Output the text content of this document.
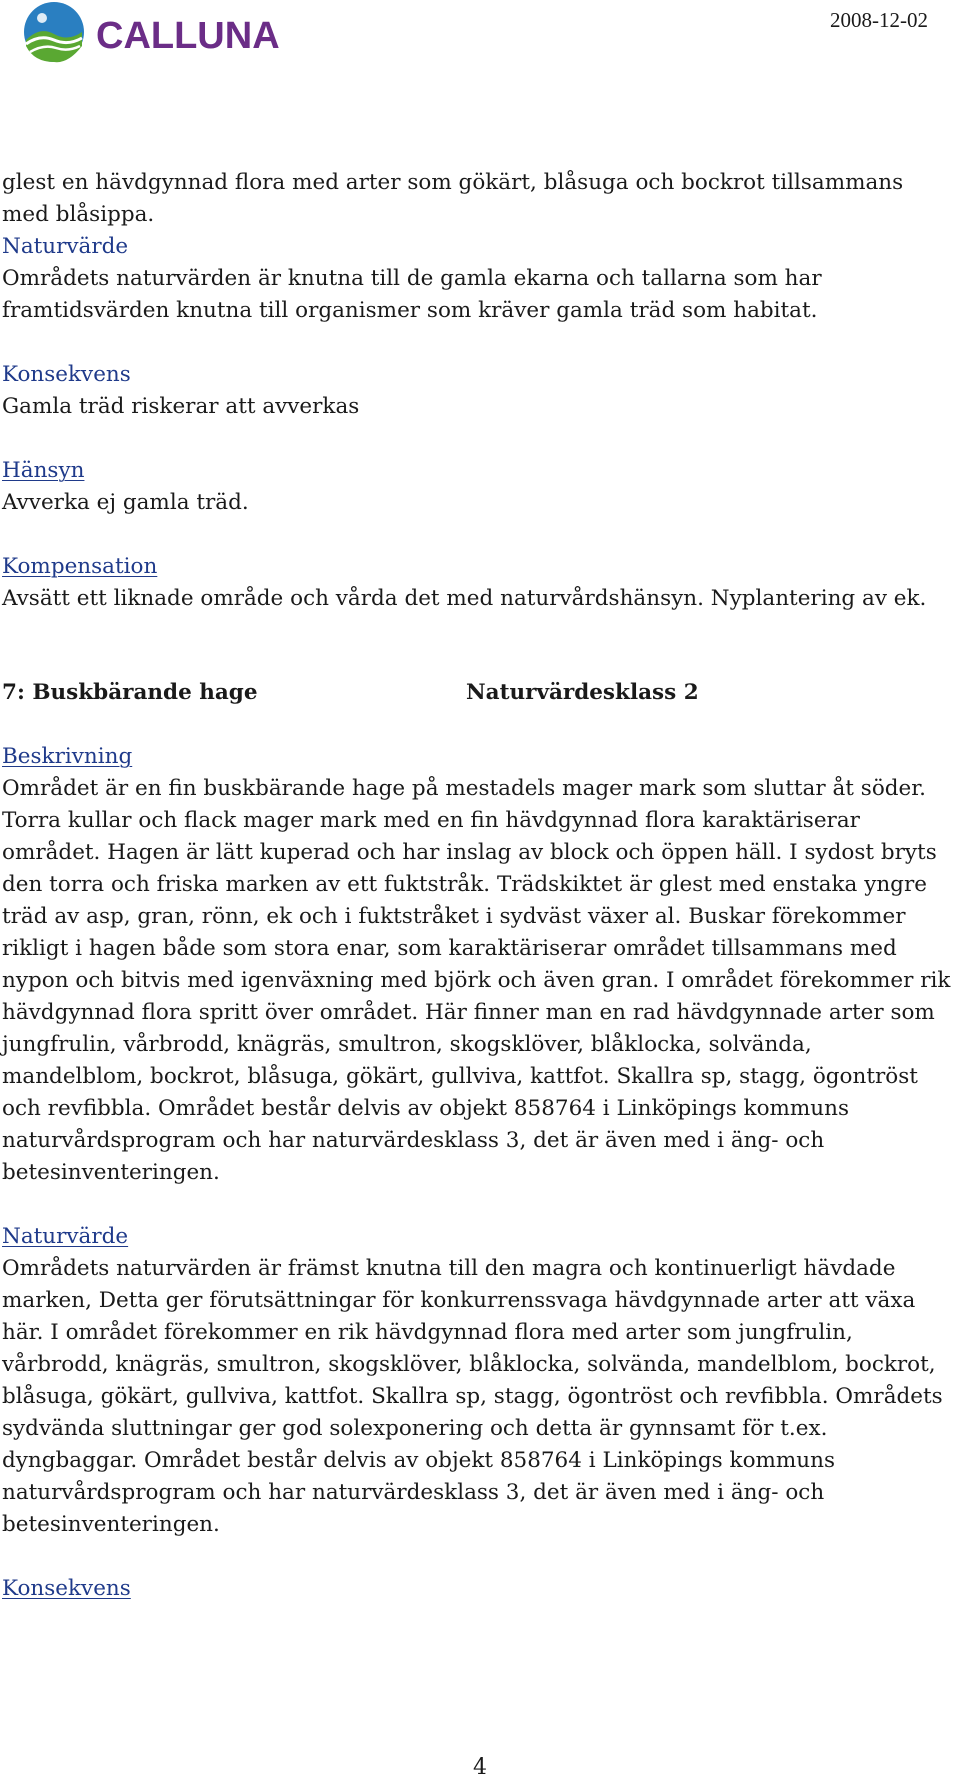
CALLUNA	2008-12-02

glest en hävdgynnad flora med arter som gökärt, blåsuga och bockrot tillsammans med blåsippa.

Naturvärde

Områdets naturvärden är knutna till de gamla ekarna och tallarna som har framtidsvärden knutna till organismer som kräver gamla träd som habitat.

Konsekvens

Gamla träd riskerar att avverkas

Hänsyn

Avverka ej gamla träd.

Kompensation

Avsätt ett liknade område och vårda det med naturvårdshänsyn. Nyplantering av ek.

7: Buskbärande hage	Naturvärdesklass 2

Beskrivning

Området är en fin buskbärande hage på mestadels mager mark som sluttar åt söder. Torra kullar och flack mager mark med en fin hävdgynnad flora karaktäriserar området. Hagen är lätt kuperad och har inslag av block och öppen häll. I sydost bryts den torra och friska marken av ett fuktstråk. Trädskiktet är glest med enstaka yngre träd av asp, gran, rönn, ek och i fuktstråket i sydväst växer al. Buskar förekommer rikligt i hagen både som stora enar, som karaktäriserar området tillsammans med nypon och bitvis med igenväxning med björk och även gran. I området förekommer rik hävdgynnad flora spritt över området. Här finner man en rad hävdgynnade arter som jungfrulin, vårbrodd, knägräs, smultron, skogsklöver, blåklocka, solvända, mandelblom, bockrot, blåsuga, gökärt, gullviva, kattfot. Skallra sp, stagg, ögontröst och revfibbla. Området består delvis av objekt 858764 i Linköpings kommuns naturvårdsprogram och har naturvärdesklass 3, det är även med i äng- och betesinventeringen.

Naturvärde

Områdets naturvärden är främst knutna till den magra och kontinuerligt hävdade marken, Detta ger förutsättningar för konkurrenssvaga hävdgynnade arter att växa här. I området förekommer en rik hävdgynnad flora med arter som jungfrulin, vårbrodd, knägräs, smultron, skogsklöver, blåklocka, solvända, mandelblom, bockrot, blåsuga, gökärt, gullviva, kattfot. Skallra sp, stagg, ögontröst och revfibbla. Områdets sydvända sluttningar ger god solexponering och detta är gynnsamt för t.ex. dyngbaggar. Området består delvis av objekt 858764 i Linköpings kommuns naturvårdsprogram och har naturvärdesklass 3, det är även med i äng- och betesinventeringen.

Konsekvens

4
